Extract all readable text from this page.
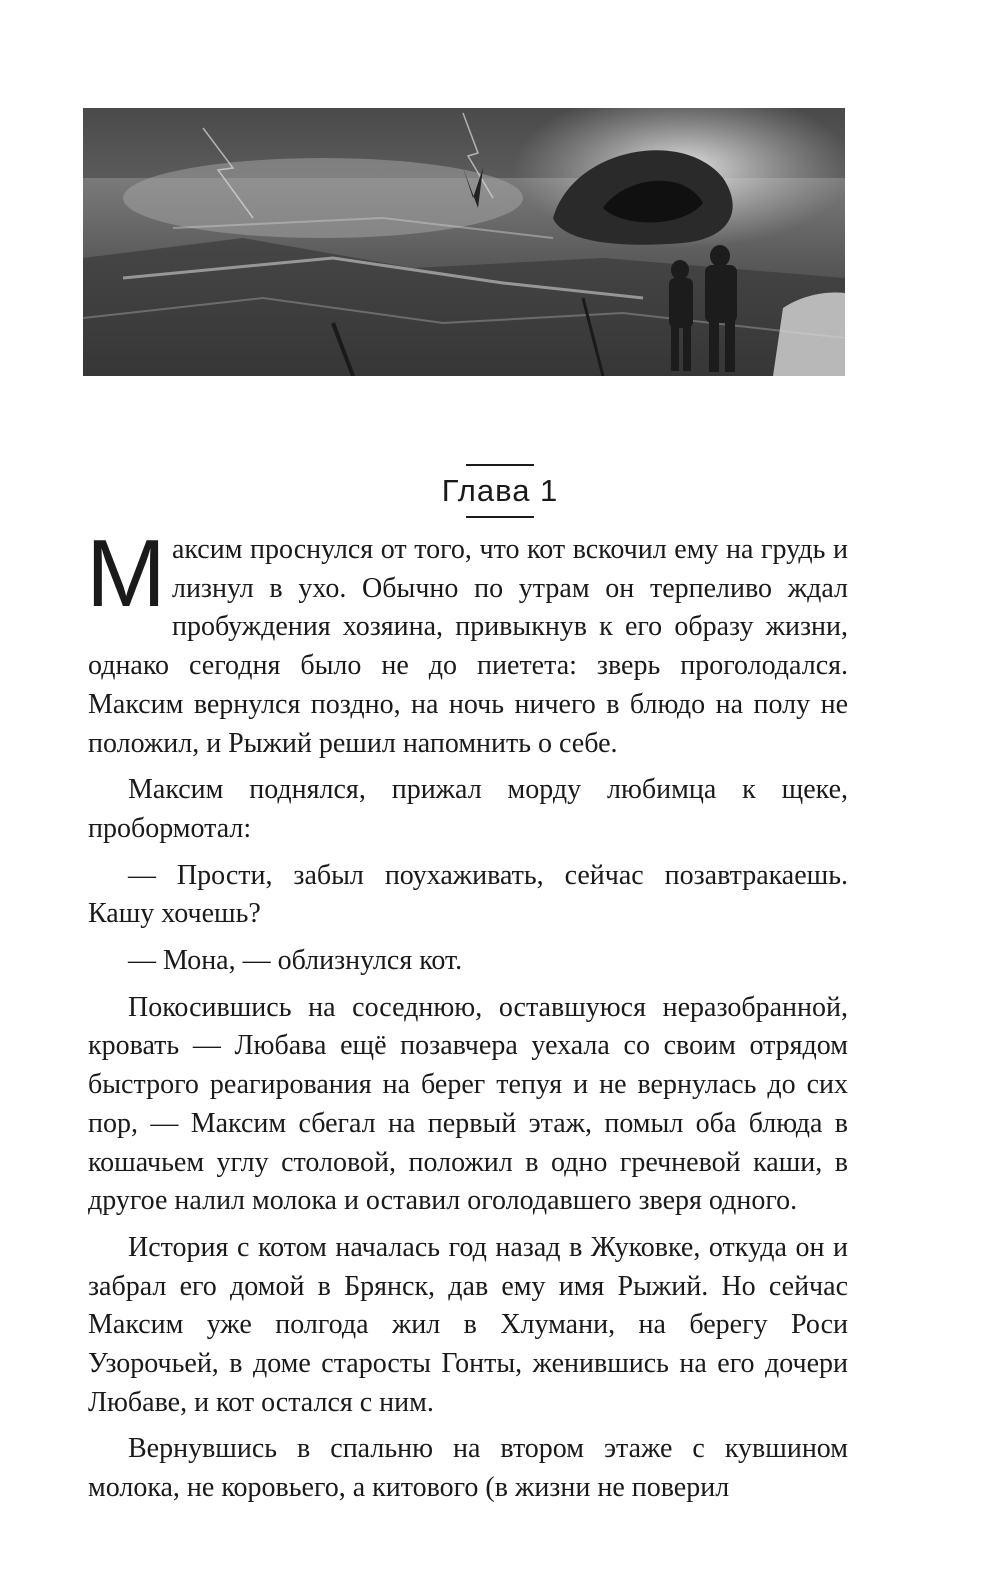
Глава 1

Максим проснулся от того, что кот вскочил ему на грудь и лизнул в ухо. Обычно по утрам он терпеливо ждал пробуждения хозяина, привыкнув к его образу жизни, однако сегодня было не до пиетета: зверь проголодался. Максим вернулся поздно, на ночь ничего в блюдо на полу не положил, и Рыжий решил напомнить о себе.

Максим поднялся, прижал морду любимца к щеке, пробормотал:

— Прости, забыл поухаживать, сейчас позавтракаешь. Кашу хочешь?

— Мона, — облизнулся кот.

Покосившись на соседнюю, оставшуюся неразобранной, кровать — Любава ещё позавчера уехала со своим отрядом быстрого реагирования на берег тепуя и не вернулась до сих пор, — Максим сбегал на первый этаж, помыл оба блюда в кошачьем углу столовой, положил в одно гречневой каши, в другое налил молока и оставил оголодавшего зверя одного.

История с котом началась год назад в Жуковке, откуда он и забрал его домой в Брянск, дав ему имя Рыжий. Но сейчас Максим уже полгода жил в Хлумани, на берегу Роси Узорочьей, в доме старосты Гонты, женившись на его дочери Любаве, и кот остался с ним.

Вернувшись в спальню на втором этаже с кувшином молока, не коровьего, а китового (в жизни не поверил
